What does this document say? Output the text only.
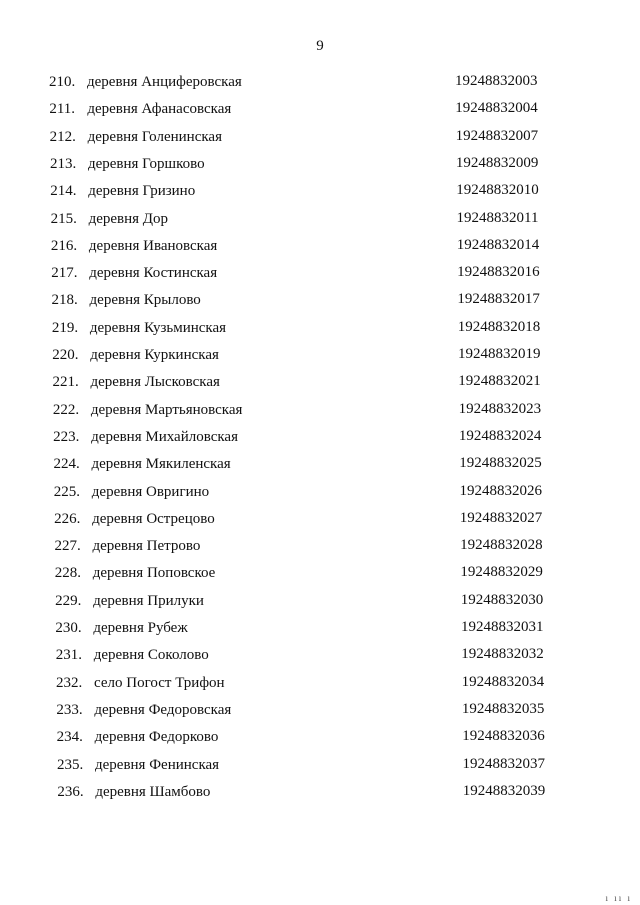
9
210. деревня Анциферовская	19248832003
211. деревня Афанасовская	19248832004
212. деревня Голенинская	19248832007
213. деревня Горшково	19248832009
214. деревня Гризино	19248832010
215. деревня Дор	19248832011
216. деревня Ивановская	19248832014
217. деревня Костинская	19248832016
218. деревня Крылово	19248832017
219. деревня Кузьминская	19248832018
220. деревня Куркинская	19248832019
221. деревня Лысковская	19248832021
222. деревня Мартьяновская	19248832023
223. деревня Михайловская	19248832024
224. деревня Мякиленская	19248832025
225. деревня Овригино	19248832026
226. деревня Острецово	19248832027
227. деревня Петрово	19248832028
228. деревня Поповское	19248832029
229. деревня Прилуки	19248832030
230. деревня Рубеж	19248832031
231. деревня Соколово	19248832032
232. село Погост Трифон	19248832034
233. деревня Федоровская	19248832035
234. деревня Федорково	19248832036
235. деревня Фенинская	19248832037
236. деревня Шамбово	19248832039
ı ıı ı
